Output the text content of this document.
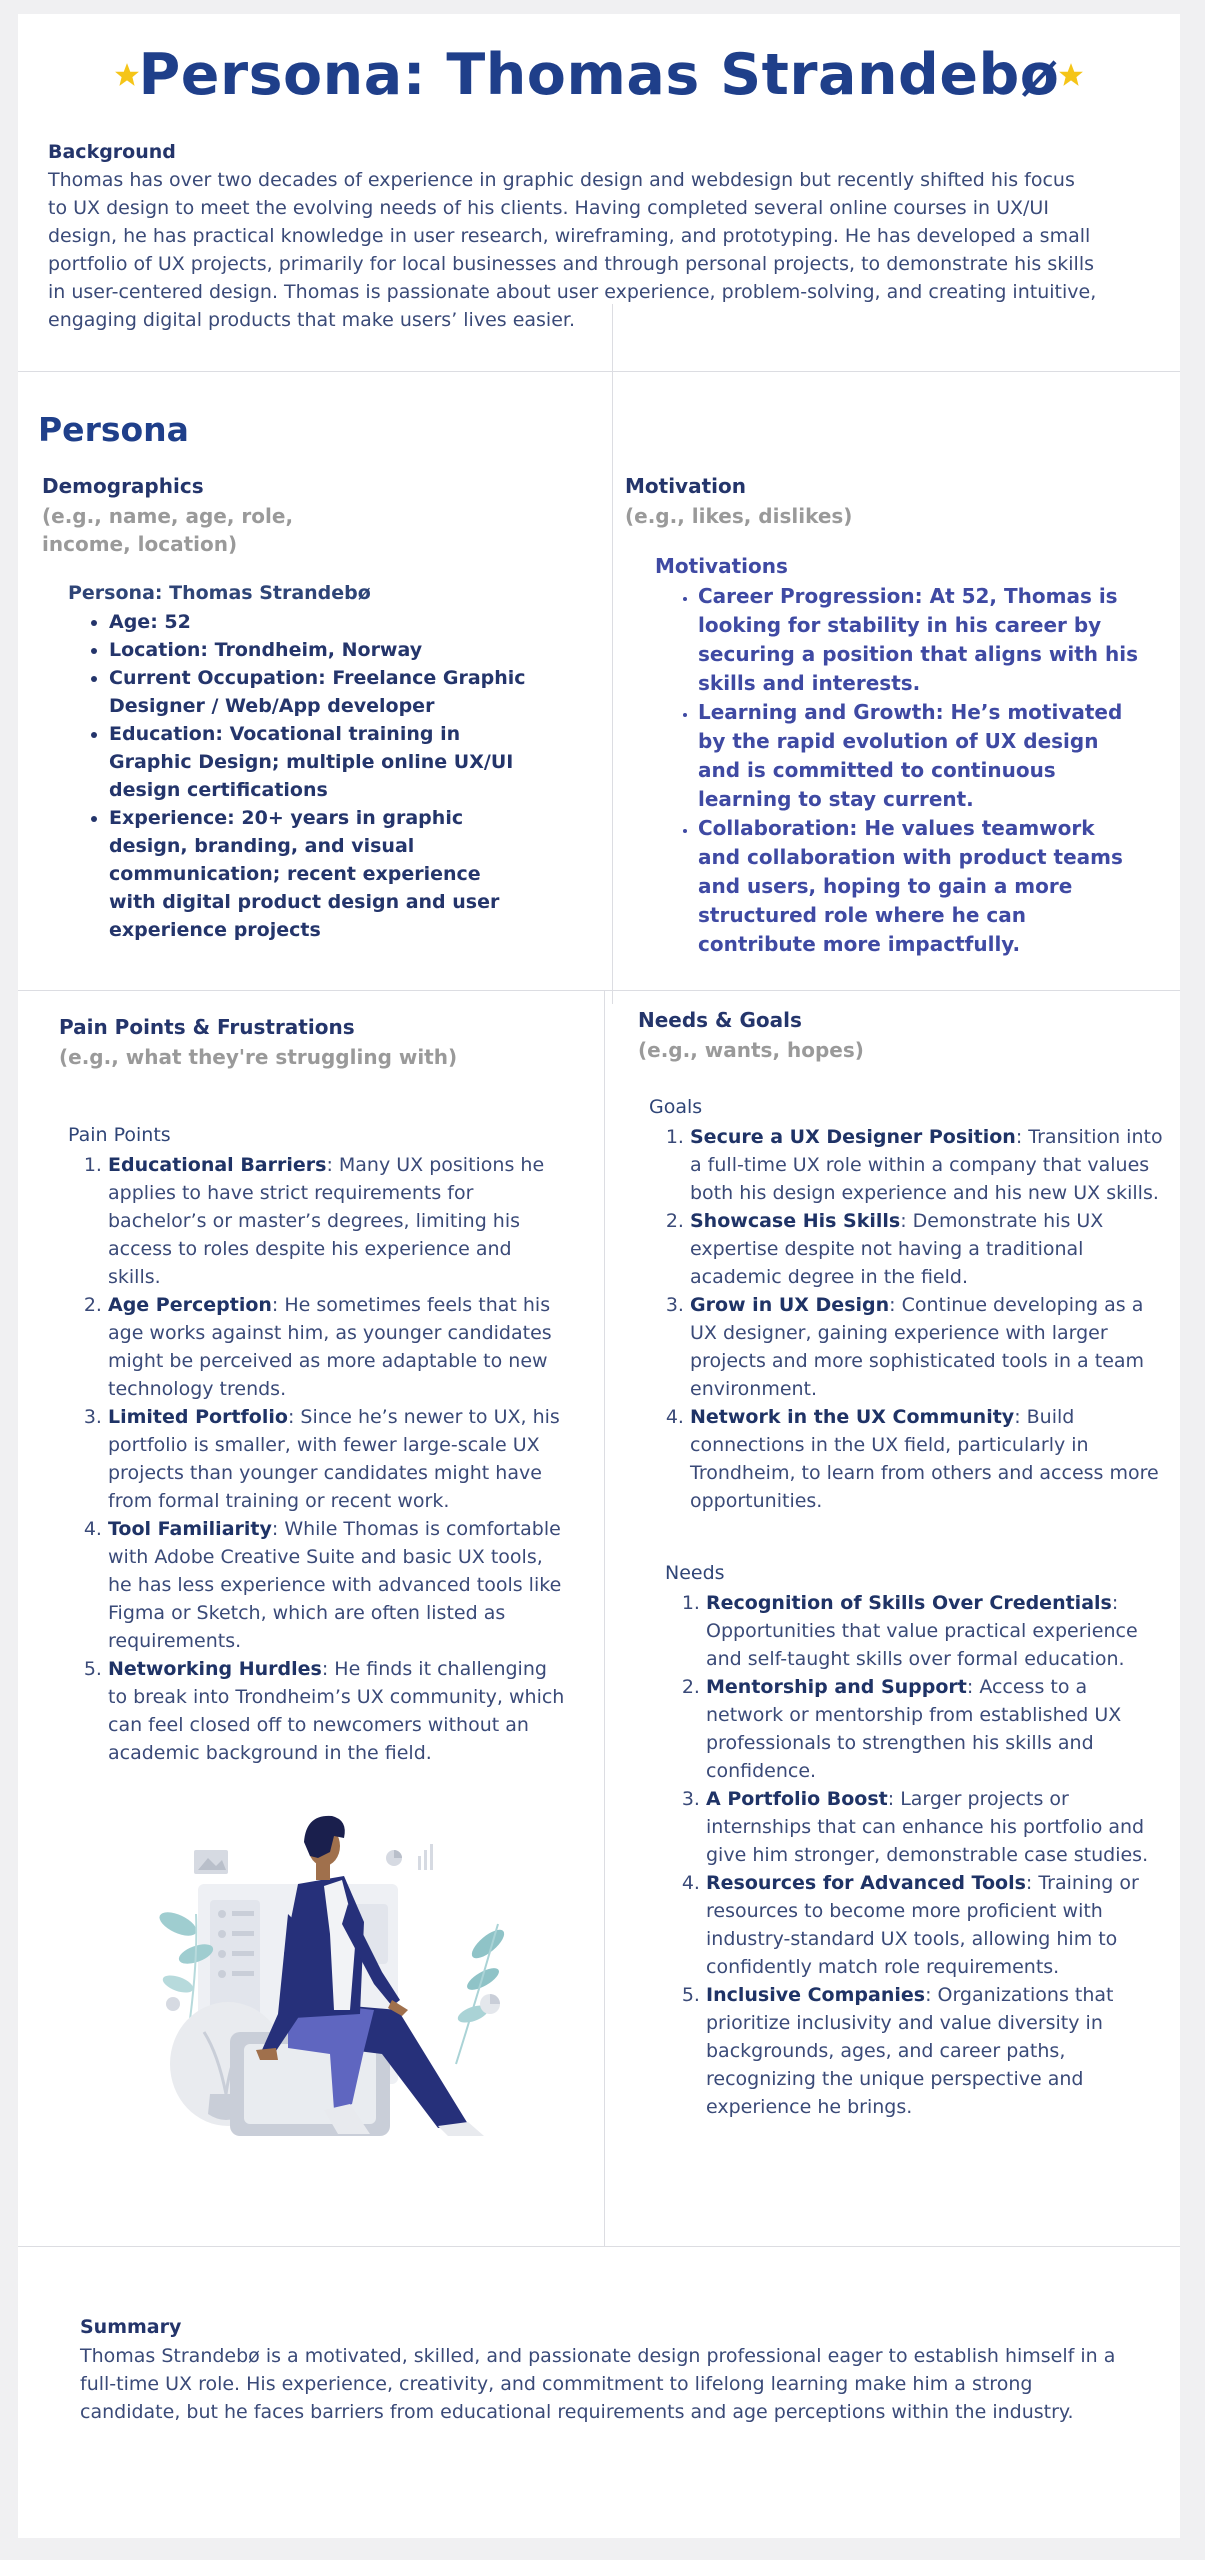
Persona: Thomas Strandebø
Background

Thomas has over two decades of experience in graphic design and webdesign but recently shifted his focus to UX design to meet the evolving needs of his clients. Having completed several online courses in UX/UI design, he has practical knowledge in user research, wireframing, and prototyping. He has developed a small portfolio of UX projects, primarily for local businesses and through personal projects, to demonstrate his skills in user-centered design. Thomas is passionate about user experience, problem-solving, and creating intuitive, engaging digital products that make users’ lives easier.

Persona
Demographics
(e.g., name, age, role,
income, location)
Persona: Thomas Strandebø
• Age: 52
• Location: Trondheim, Norway
• Current Occupation: Freelance Graphic Designer / Web/App developer
• Education: Vocational training in Graphic Design; multiple online UX/UI design certifications
• Experience: 20+ years in graphic design, branding, and visual communication; recent experience with digital product design and user experience projects
Motivation
(e.g., likes, dislikes)
Motivations
• Career Progression: At 52, Thomas is looking for stability in his career by securing a position that aligns with his skills and interests.
• Learning and Growth: He’s motivated by the rapid evolution of UX design and is committed to continuous learning to stay current.
• Collaboration: He values teamwork and collaboration with product teams and users, hoping to gain a more structured role where he can contribute more impactfully.
Pain Points & Frustrations
(e.g., what they're struggling with)
Pain Points
1. Educational Barriers: Many UX positions he applies to have strict requirements for bachelor’s or master’s degrees, limiting his access to roles despite his experience and skills.
2. Age Perception: He sometimes feels that his age works against him, as younger candidates might be perceived as more adaptable to new technology trends.
3. Limited Portfolio: Since he’s newer to UX, his portfolio is smaller, with fewer large-scale UX projects than younger candidates might have from formal training or recent work.
4. Tool Familiarity: While Thomas is comfortable with Adobe Creative Suite and basic UX tools, he has less experience with advanced tools like Figma or Sketch, which are often listed as requirements.
5. Networking Hurdles: He finds it challenging to break into Trondheim’s UX community, which can feel closed off to newcomers without an academic background in the field.
Needs & Goals
(e.g., wants, hopes)
Goals
1. Secure a UX Designer Position: Transition into a full-time UX role within a company that values both his design experience and his new UX skills.
2. Showcase His Skills: Demonstrate his UX expertise despite not having a traditional academic degree in the field.
3. Grow in UX Design: Continue developing as a UX designer, gaining experience with larger projects and more sophisticated tools in a team environment.
4. Network in the UX Community: Build connections in the UX field, particularly in Trondheim, to learn from others and access more opportunities.
Needs
1. Recognition of Skills Over Credentials: Opportunities that value practical experience and self-taught skills over formal education.
2. Mentorship and Support: Access to a network or mentorship from established UX professionals to strengthen his skills and confidence.
3. A Portfolio Boost: Larger projects or internships that can enhance his portfolio and give him stronger, demonstrable case studies.
4. Resources for Advanced Tools: Training or resources to become more proficient with industry-standard UX tools, allowing him to confidently match role requirements.
5. Inclusive Companies: Organizations that prioritize inclusivity and value diversity in backgrounds, ages, and career paths, recognizing the unique perspective and experience he brings.
Summary

Thomas Strandebø is a motivated, skilled, and passionate design professional eager to establish himself in a full-time UX role. His experience, creativity, and commitment to lifelong learning make him a strong candidate, but he faces barriers from educational requirements and age perceptions within the industry.
